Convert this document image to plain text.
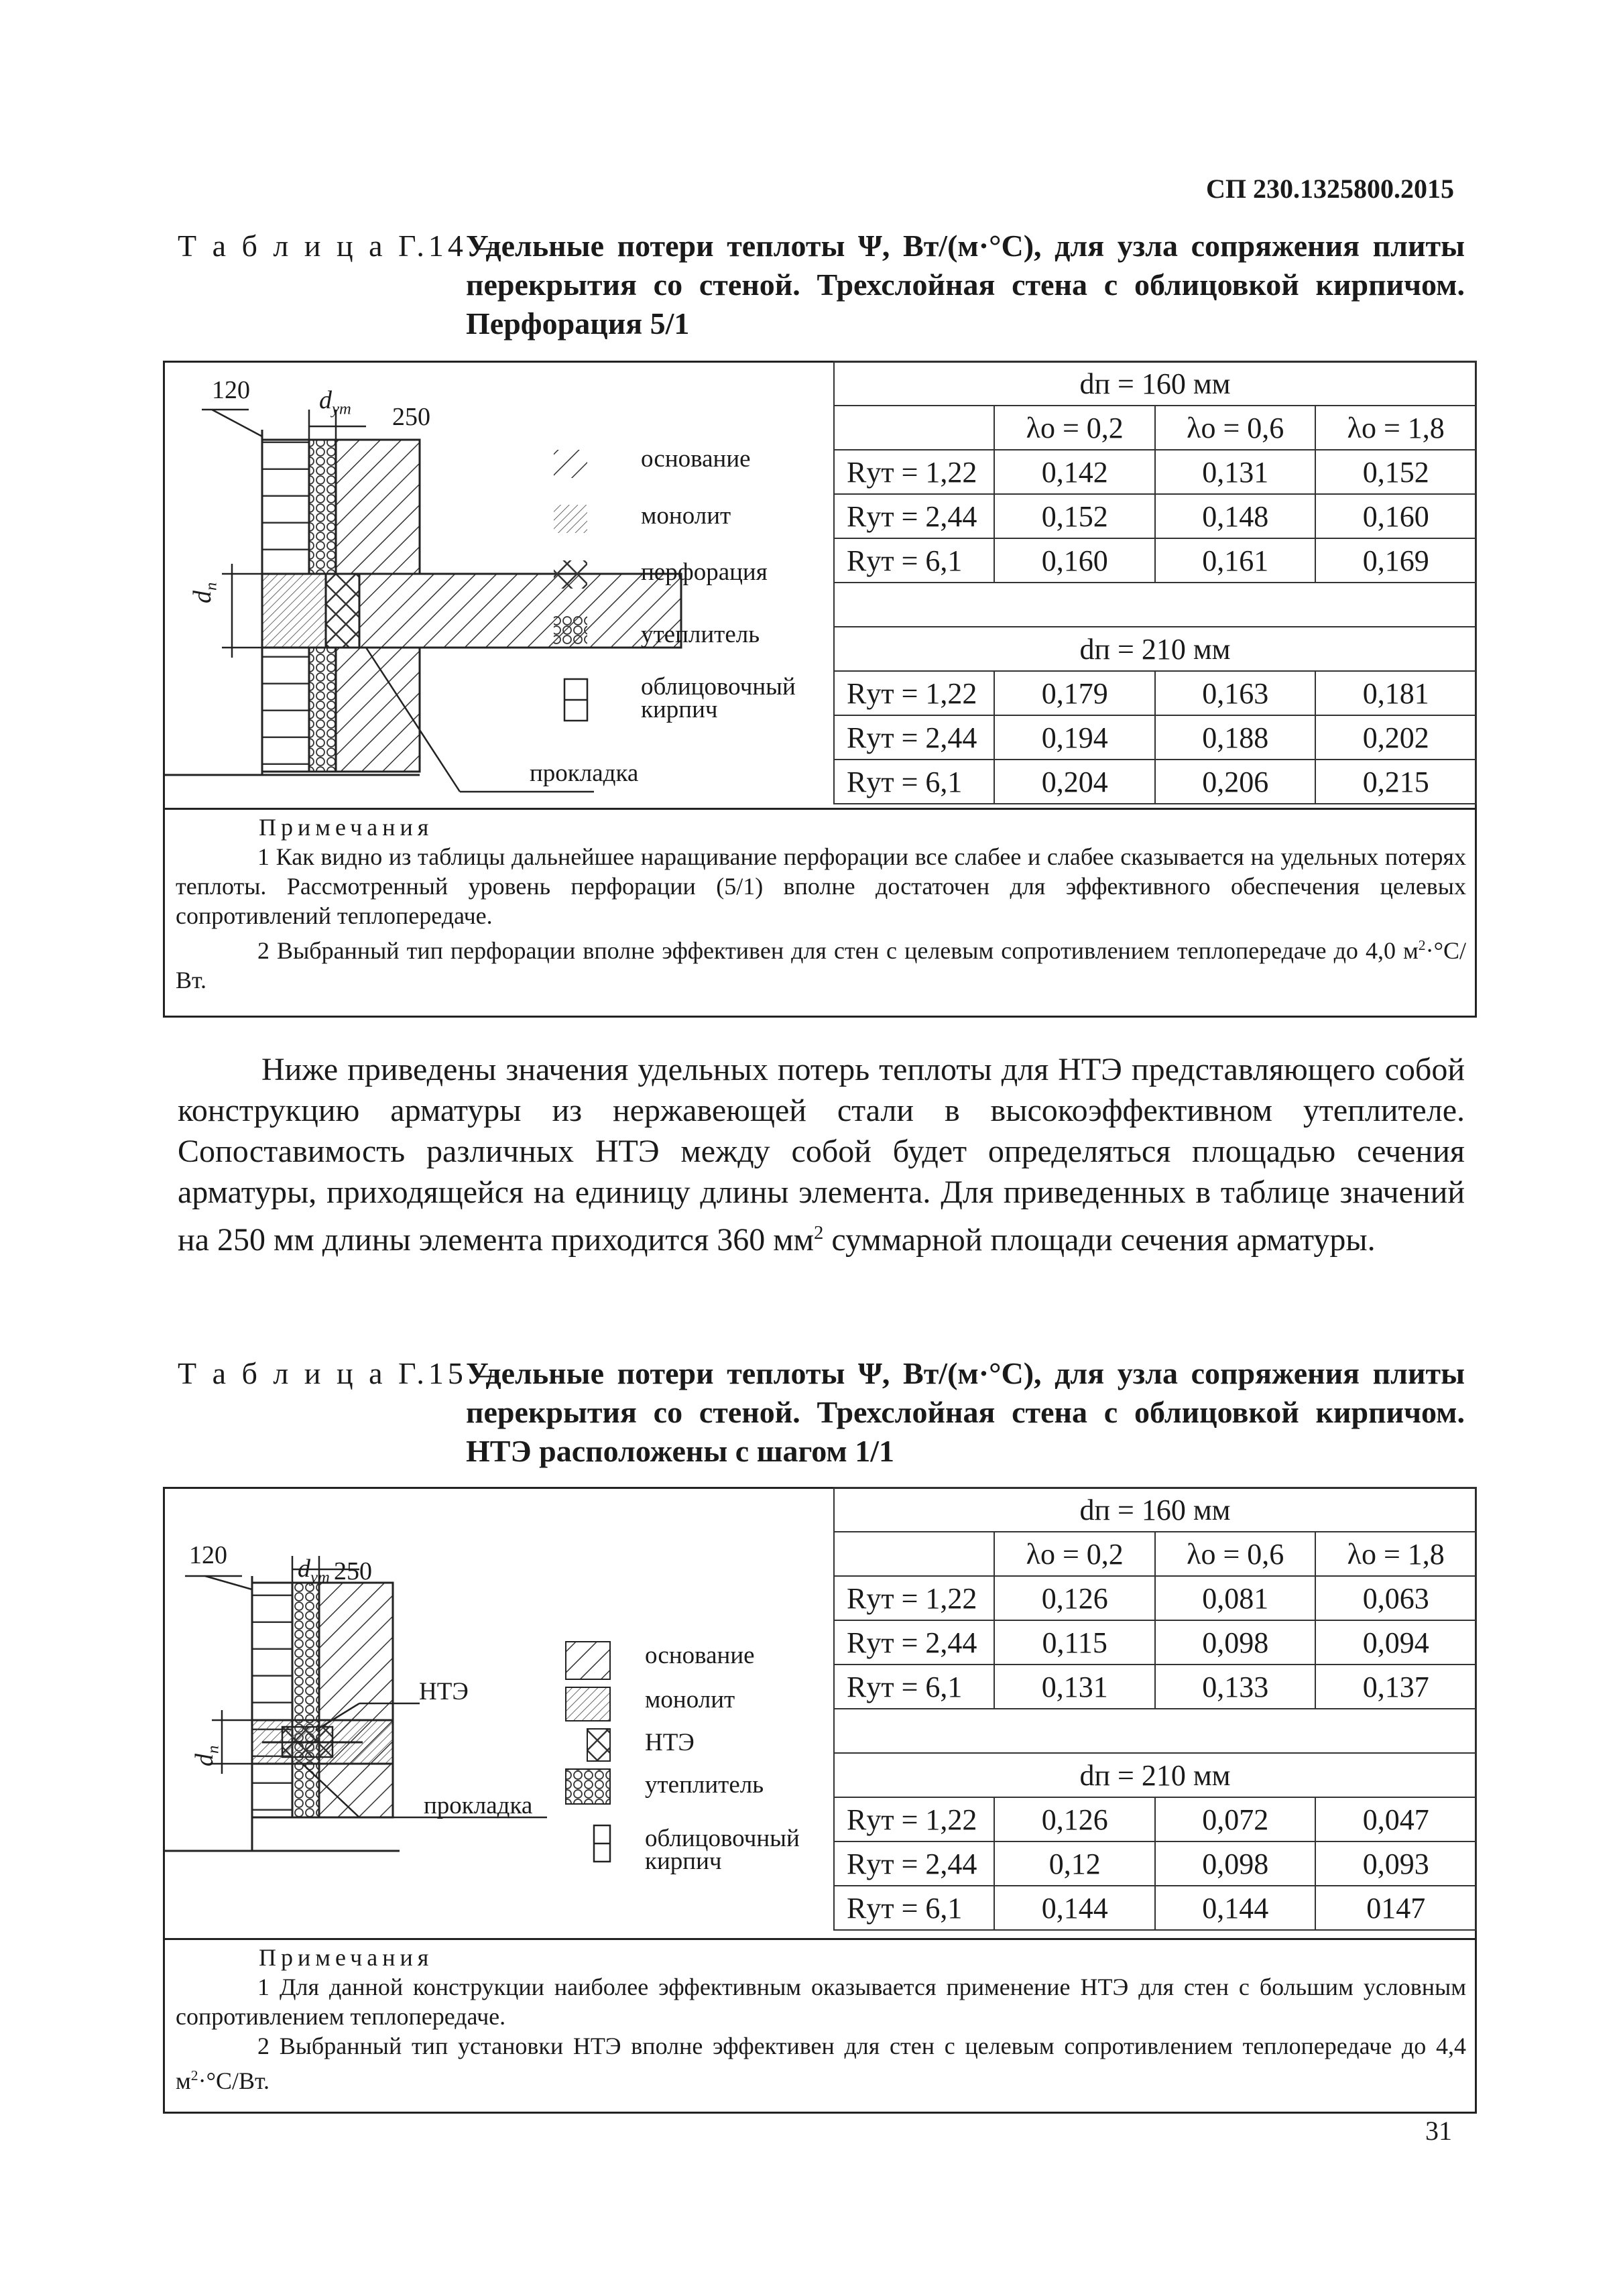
СП 230.1325800.2015
Т а б л и ц а Г.14 –
Удельные потери теплоты Ψ, Вт/(м·°С), для узла сопряжения плиты перекрытия со стеной. Трехслойная стена с облицовкой кирпичом. Перфорация 5/1
120	$d_{ут}$ 250
$d_п$
основание
монолит
перфорация
утеплитель
облицовочный кирпич
прокладка
dп = 160 мм			
	λо = 0,2	λо = 0,6	λо = 1,8
Rут = 1,22	0,142	0,131	0,152
Rут = 2,44	0,152	0,148	0,160
Rут = 6,1	0,160	0,161	0,169

dп = 210 мм			
Rут = 1,22	0,179	0,163	0,181
Rут = 2,44	0,194	0,188	0,202
Rут = 6,1	0,204	0,206	0,215
Примечания

1 Как видно из таблицы дальнейшее наращивание перфорации все слабее и слабее сказывается на удельных потерях теплоты. Рассмотренный уровень перфорации (5/1) вполне достаточен для эффективного обеспечения целевых сопротивлений теплопередаче.

2 Выбранный тип перфорации вполне эффективен для стен с целевым сопротивлением теплопередаче до 4,0 $м^2\cdot^\circ С/Вт$.

Ниже приведены значения удельных потерь теплоты для НТЭ представляющего собой конструкцию арматуры из нержавеющей стали в высокоэффективном утеплителе. Сопоставимость различных НТЭ между собой будет определяться площадью сечения арматуры, приходящейся на единицу длины элемента. Для приведенных в таблице значений на 250 мм длины элемента приходится 360 $мм^2$ суммарной площади сечения арматуры.

Т а б л и ц а Г.15 –
Удельные потери теплоты Ψ, Вт/(м·°С), для узла сопряжения плиты перекрытия со стеной. Трехслойная стена с облицовкой кирпичом. НТЭ расположены с шагом 1/1
120	$d_{ут}$ 250
$d_п$
НТЭ
прокладка
основание
монолит
НТЭ
утеплитель
облицовочный кирпич
dп = 160 мм			
	λо = 0,2	λо = 0,6	λо = 1,8
Rут = 1,22	0,126	0,081	0,063
Rут = 2,44	0,115	0,098	0,094
Rут = 6,1	0,131	0,133	0,137

dп = 210 мм			
Rут = 1,22	0,126	0,072	0,047
Rут = 2,44	0,12	0,098	0,093
Rут = 6,1	0,144	0,144	0147
Примечания

1 Для данной конструкции наиболее эффективным оказывается применение НТЭ для стен с большим условным сопротивлением теплопередаче.

2 Выбранный тип установки НТЭ вполне эффективен для стен с целевым сопротивлением теплопередаче до 4,4 $м^2\cdot^\circ С/Вт$.

31
